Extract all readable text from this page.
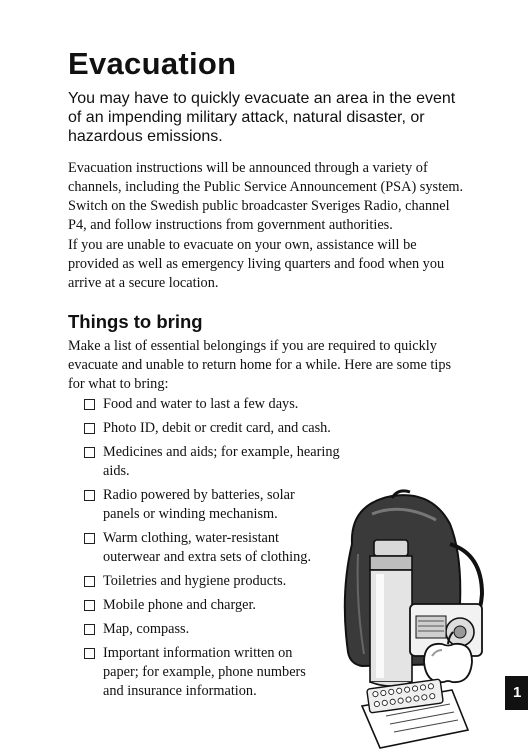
Evacuation

You may have to quickly evacuate an area in the event of an impending military attack, natural disaster, or hazardous emissions.

Evacuation instructions will be announced through a variety of channels, including the Public Service Announcement (PSA) system. Switch on the Swedish public broadcaster Sveriges Radio, channel P4, and follow instructions from government authorities.

If you are unable to evacuate on your own, assistance will be provided as well as emergency living quarters and food when you arrive at a secure location.

Things to bring

Make a list of essential belongings if you are required to quickly evacuate and unable to return home for a while. Here are some tips for what to bring:

Food and water to last a few days.
Photo ID, debit or credit card, and cash.
Medicines and aids; for example, hearing aids.
Radio powered by batteries, solar panels or winding mechanism.
Warm clothing, water-resistant outerwear and extra sets of clothing.
Toiletries and hygiene products.
Mobile phone and charger.
Map, compass.
Important information written on paper; for example, phone numbers and insurance information.	1
